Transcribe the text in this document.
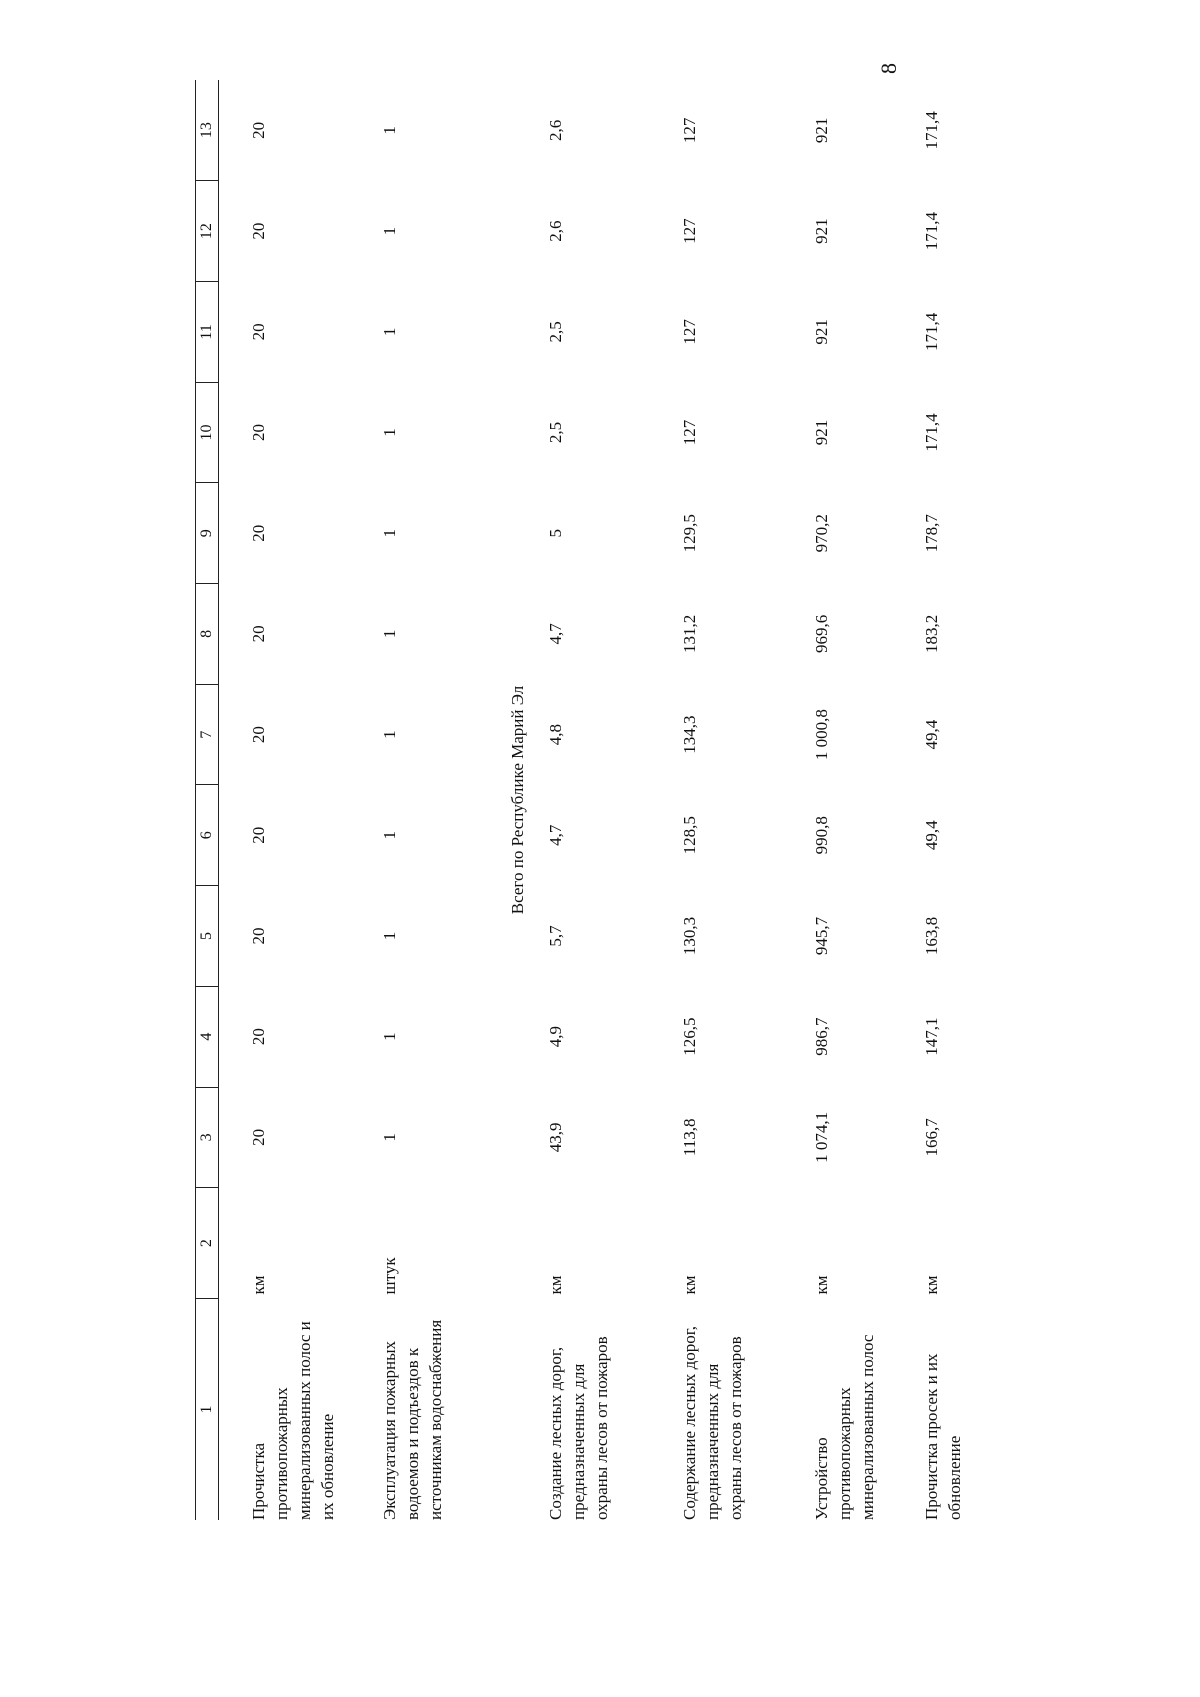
8
1	2	3	4	5	6	7	8	9	10	11	12	13
Прочистка противопожарных минерализованных полос и их обновление	км	20	20	20	20	20	20	20	20	20	20	20
Эксплуатация пожарных водоемов и подъездов к источникам водоснабжения	штук	1	1	1	1	1	1	1	1	1	1	1
Всего по Республике Марий Эл												
Создание лесных дорог, предназначенных для охраны лесов от пожаров	км	43,9	4,9	5,7	4,7	4,8	4,7	5	2,5	2,5	2,6	2,6
Содержание лесных дорог, предназначенных для охраны лесов от пожаров	км	113,8	126,5	130,3	128,5	134,3	131,2	129,5	127	127	127	127
Устройство противопожарных минерализованных полос	км	1 074,1	986,7	945,7	990,8	1 000,8	969,6	970,2	921	921	921	921
Прочистка просек и их обновление	км	166,7	147,1	163,8	49,4	49,4	183,2	178,7	171,4	171,4	171,4	171,4
